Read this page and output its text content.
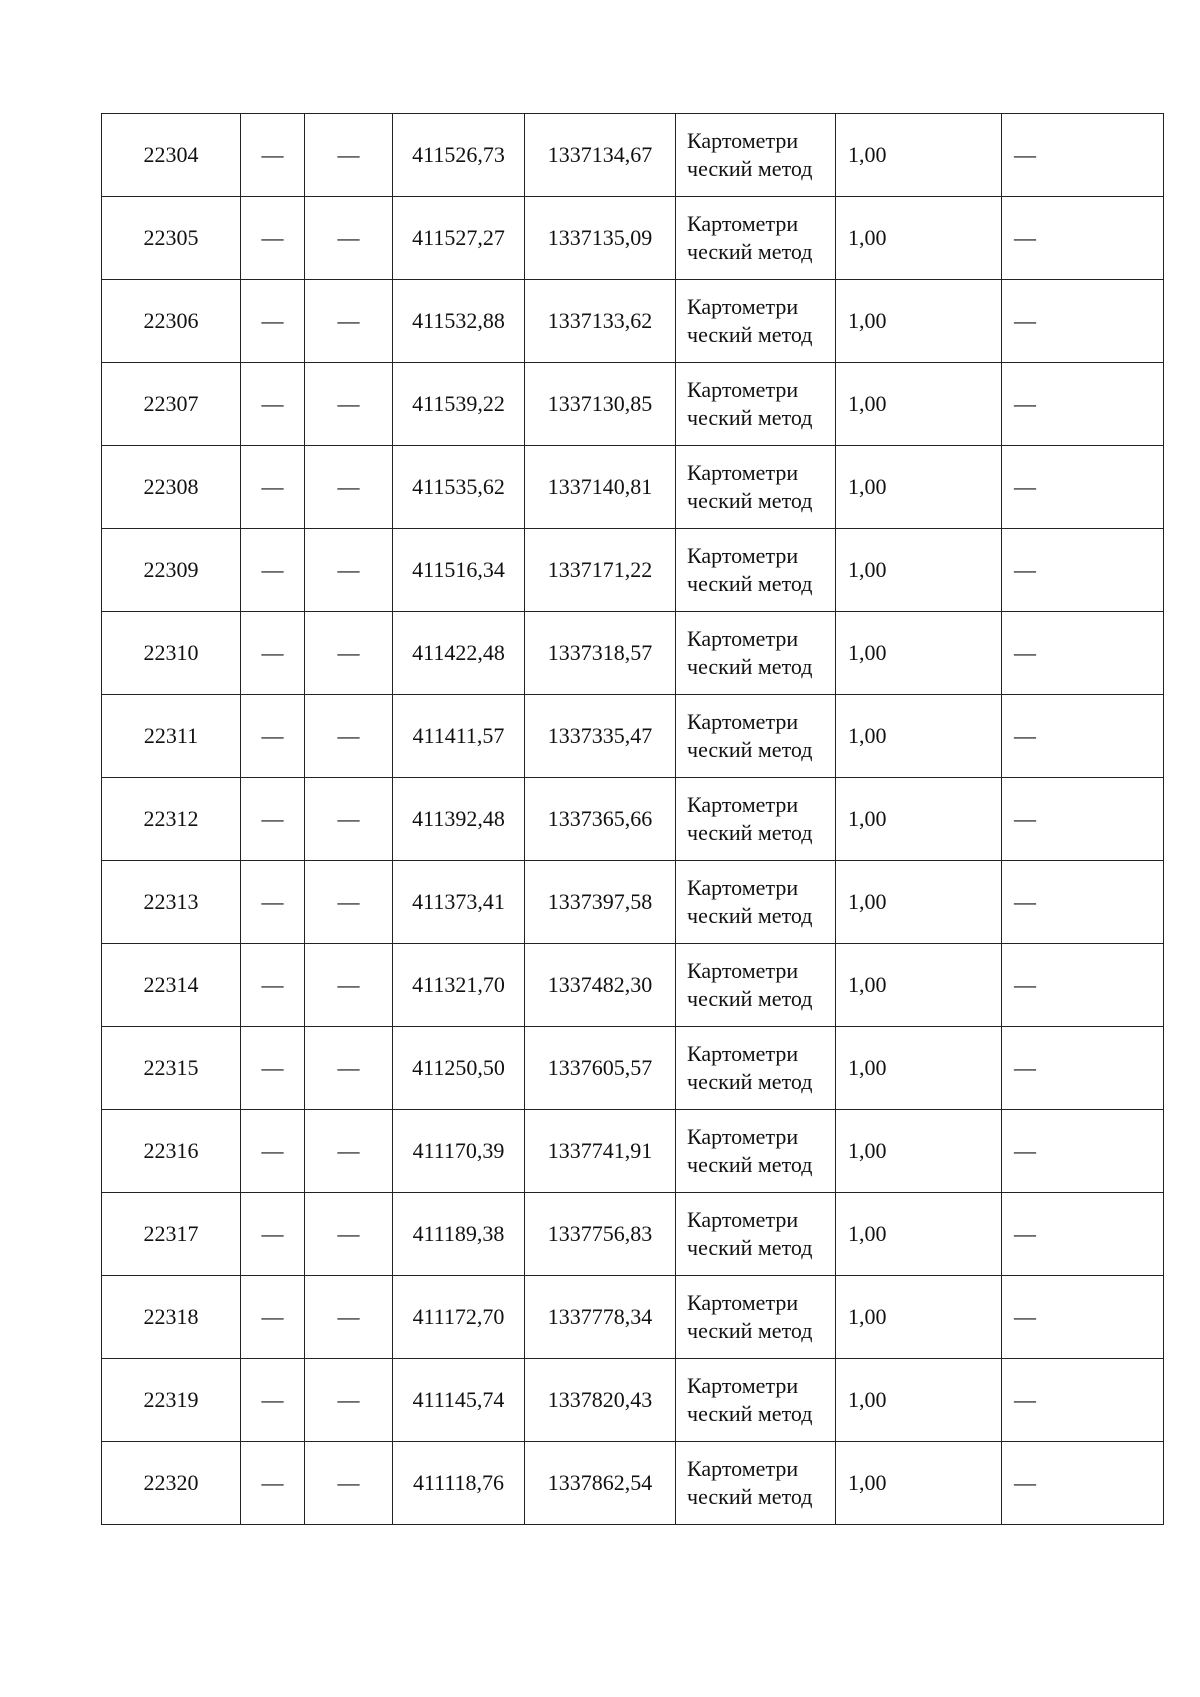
22304	—	—	411526,73	1337134,67	Картометри ческий метод	1,00	—
22305	—	—	411527,27	1337135,09	Картометри ческий метод	1,00	—
22306	—	—	411532,88	1337133,62	Картометри ческий метод	1,00	—
22307	—	—	411539,22	1337130,85	Картометри ческий метод	1,00	—
22308	—	—	411535,62	1337140,81	Картометри ческий метод	1,00	—
22309	—	—	411516,34	1337171,22	Картометри ческий метод	1,00	—
22310	—	—	411422,48	1337318,57	Картометри ческий метод	1,00	—
22311	—	—	411411,57	1337335,47	Картометри ческий метод	1,00	—
22312	—	—	411392,48	1337365,66	Картометри ческий метод	1,00	—
22313	—	—	411373,41	1337397,58	Картометри ческий метод	1,00	—
22314	—	—	411321,70	1337482,30	Картометри ческий метод	1,00	—
22315	—	—	411250,50	1337605,57	Картометри ческий метод	1,00	—
22316	—	—	411170,39	1337741,91	Картометри ческий метод	1,00	—
22317	—	—	411189,38	1337756,83	Картометри ческий метод	1,00	—
22318	—	—	411172,70	1337778,34	Картометри ческий метод	1,00	—
22319	—	—	411145,74	1337820,43	Картометри ческий метод	1,00	—
22320	—	—	411118,76	1337862,54	Картометри ческий метод	1,00	—
